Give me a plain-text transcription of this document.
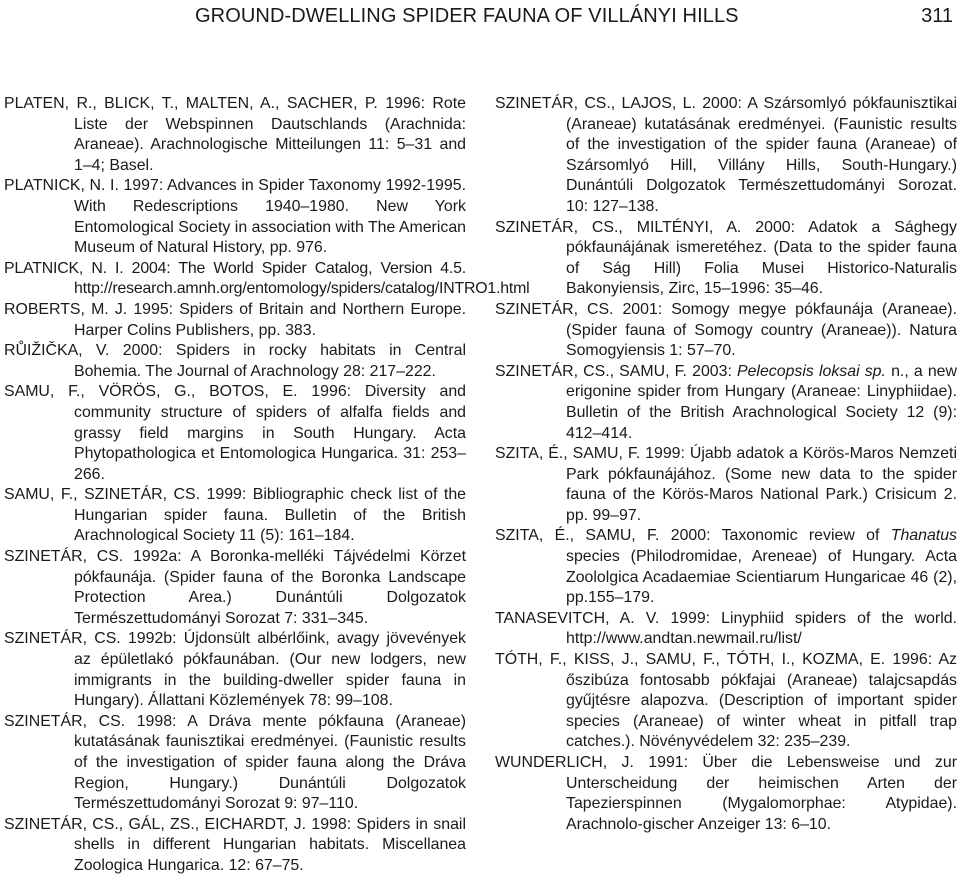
GROUND-DWELLING SPIDER FAUNA OF VILLÁNYI HILLS	311

PLATEN, R., BLICK, T., MALTEN, A., SACHER, P. 1996: Rote Liste der Webspinnen Dautschlands (Arachnida: Araneae). Arachnologische Mitteilungen 11: 5–31 and 1–4; Basel.

PLATNICK, N. I. 1997: Advances in Spider Taxonomy 1992-1995. With Redescriptions 1940–1980. New York Entomological Society in association with The American Museum of Natural History, pp. 976.

PLATNICK, N. I. 2004: The World Spider Catalog, Version 4.5. http://research.amnh.org/entomology/spiders/catalog/INTRO1.html

ROBERTS, M. J. 1995: Spiders of Britain and Northern Europe. Harper Colins Publishers, pp. 383.

RŮIŽIČKA, V. 2000: Spiders in rocky habitats in Central Bohemia. The Journal of Arachnology 28: 217–222.

SAMU, F., VÖRÖS, G., BOTOS, E. 1996: Diversity and community structure of spiders of alfalfa fields and grassy field margins in South Hungary. Acta Phytopathologica et Entomologica Hungarica. 31: 253–266.

SAMU, F., SZINETÁR, CS. 1999: Bibliographic check list of the Hungarian spider fauna. Bulletin of the British Arachnological Society 11 (5): 161–184.

SZINETÁR, CS. 1992a: A Boronka-melléki Tájvédelmi Körzet pókfaunája. (Spider fauna of the Boronka Landscape Protection Area.) Dunántúli Dolgozatok Természettudományi Sorozat 7: 331–345.

SZINETÁR, CS. 1992b: Újdonsült albérlőink, avagy jövevények az épületlakó pókfaunában. (Our new lodgers, new immigrants in the building-dweller spider fauna in Hungary). Állattani Közlemények 78: 99–108.

SZINETÁR, CS. 1998: A Dráva mente pókfauna (Araneae) kutatásának faunisztikai eredményei. (Faunistic results of the investigation of spider fauna along the Dráva Region, Hungary.) Dunántúli Dolgozatok Természettudományi Sorozat 9: 97–110.

SZINETÁR, CS., GÁL, ZS., EICHARDT, J. 1998: Spiders in snail shells in different Hungarian habitats. Miscellanea Zoologica Hungarica. 12: 67–75.

SZINETÁR, CS., LAJOS, L. 2000: A Szársomlyó pókfaunisztikai (Araneae) kutatásának eredményei. (Faunistic results of the investigation of the spider fauna (Araneae) of Szársomlyó Hill, Villány Hills, South-Hungary.) Dunántúli Dolgozatok Természettudományi Sorozat. 10: 127–138.

SZINETÁR, CS., MILTÉNYI, A. 2000: Adatok a Sághegy pókfaunájának ismeretéhez. (Data to the spider fauna of Ság Hill) Folia Musei Historico-Naturalis Bakonyiensis, Zirc, 15–1996: 35–46.

SZINETÁR, CS. 2001: Somogy megye pókfaunája (Araneae). (Spider fauna of Somogy country (Araneae)). Natura Somogyiensis 1: 57–70.

SZINETÁR, CS., SAMU, F. 2003: Pelecopsis loksai sp. n., a new erigonine spider from Hungary (Araneae: Linyphiidae). Bulletin of the British Arachnological Society 12 (9): 412–414.

SZITA, É., SAMU, F. 1999: Újabb adatok a Körös-Maros Nemzeti Park pókfaunájához. (Some new data to the spider fauna of the Körös-Maros National Park.) Crisicum 2. pp. 99–97.

SZITA, É., SAMU, F. 2000: Taxonomic review of Thanatus species (Philodromidae, Areneae) of Hungary. Acta Zoololgica Acadaemiae Scientiarum Hungaricae 46 (2), pp.155–179.

TANASEVITCH, A. V. 1999: Linyphiid spiders of the world. http://www.andtan.newmail.ru/list/

TÓTH, F., KISS, J., SAMU, F., TÓTH, I., KOZMA, E. 1996: Az őszibúza fontosabb pókfajai (Araneae) talajcsapdás gyűjtésre alapozva. (Description of important spider species (Araneae) of winter wheat in pitfall trap catches.). Növényvédelem 32: 235–239.

WUNDERLICH, J. 1991: Über die Lebensweise und zur Unterscheidung der heimischen Arten der Tapezierspinnen (Mygalomorphae: Atypidae). Arachnolo-gischer Anzeiger 13: 6–10.
